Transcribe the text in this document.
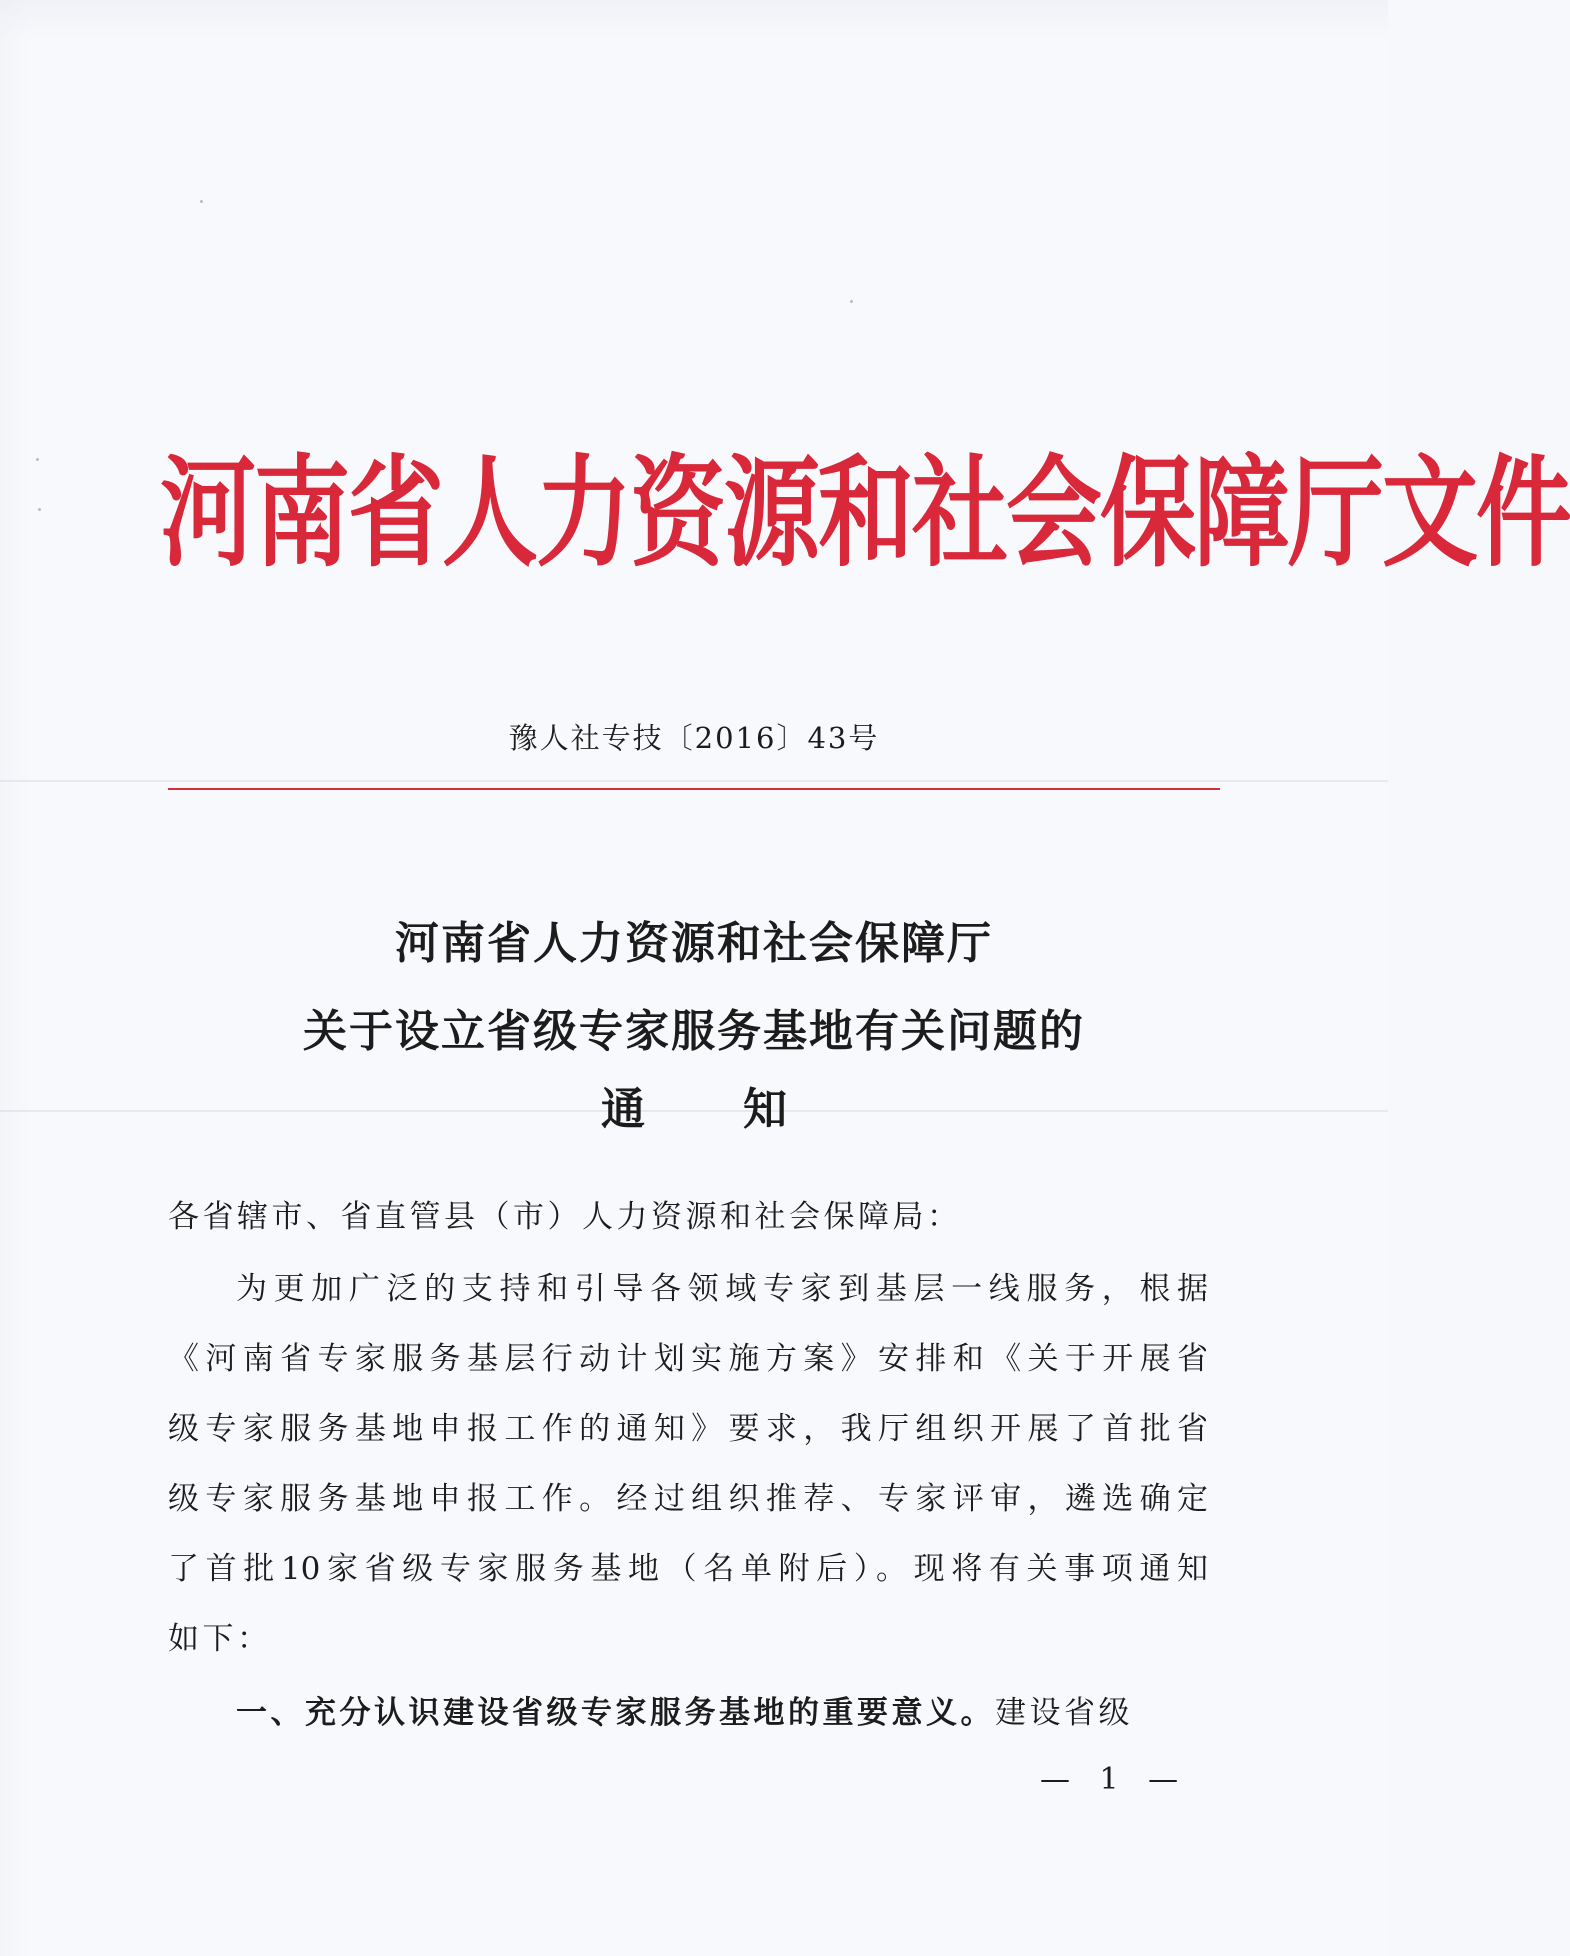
河南省人力资源和社会保障厅文件
豫人社专技〔2016〕43号
河南省人力资源和社会保障厅
关于设立省级专家服务基地有关问题的
通知
各省辖市、省直管县（市）人力资源和社会保障局：
为更加广泛的支持和引导各领域专家到基层一线服务，根据
《河南省专家服务基层行动计划实施方案》安排和《关于开展省
级专家服务基地申报工作的通知》要求，我厅组织开展了首批省
级专家服务基地申报工作。经过组织推荐、专家评审，遴选确定
了首批10家省级专家服务基地（名单附后）。现将有关事项通知
如下：
一、充分认识建设省级专家服务基地的重要意义。建设省级
— 1 —
